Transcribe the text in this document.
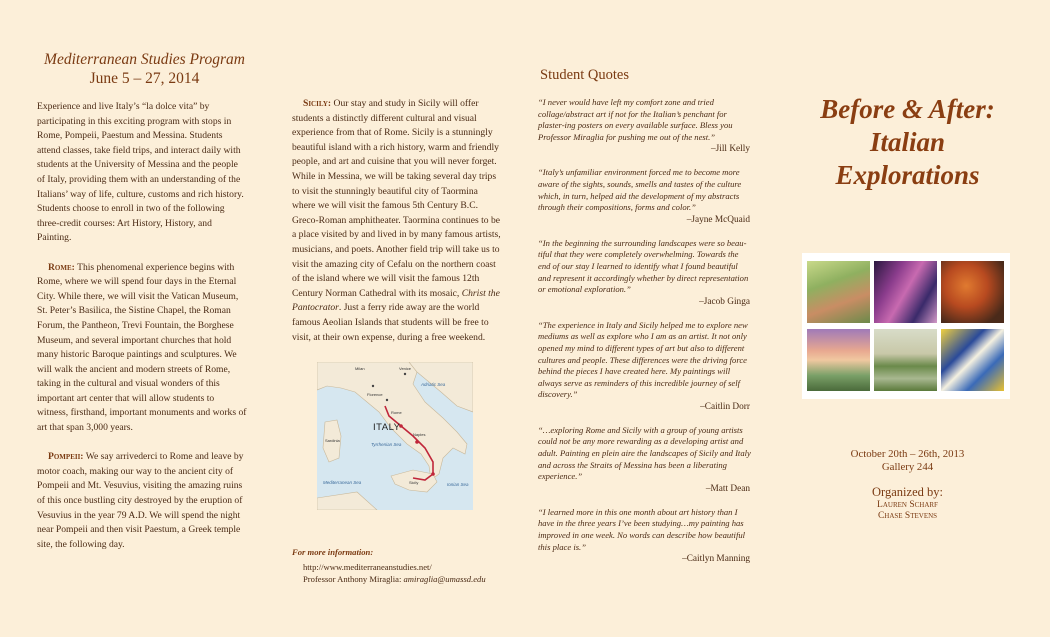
Mediterranean Studies Program
June 5 – 27, 2014

Experience and live Italy’s “la dolce vita” by participating in this exciting program with stops in Rome, Pompeii, Paestum and Messina. Students attend classes, take field trips, and interact daily with students at the University of Messina and the people of Italy, providing them with an understanding of the Italians’ way of life, culture, customs and rich history. Students choose to enroll in two of the following three-credit courses: Art History, History, and Painting.

Rome: This phenomenal experience begins with Rome, where we will spend four days in the Eternal City. While there, we will visit the Vatican Museum, St. Peter’s Basilica, the Sistine Chapel, the Roman Forum, the Pantheon, Trevi Fountain, the Borghese Museum, and several important churches that hold many historic Baroque paintings and sculptures. We will walk the ancient and modern streets of Rome, taking in the cultural and visual wonders of this important art center that will allow students to witness, firsthand, important monuments and works of art that span 3,000 years.

Pompeii: We say arrivederci to Rome and leave by motor coach, making our way to the ancient city of Pompeii and Mt. Vesuvius, visiting the amazing ruins of this once bustling city destroyed by the eruption of Vesuvius in the year 79 A.D. We will spend the night near Pompeii and then visit Paestum, a Greek temple site, the following day.

Sicily: Our stay and study in Sicily will offer students a distinctly different cultural and visual experience from that of Rome. Sicily is a stunningly beautiful island with a rich history, warm and friendly people, and art and cuisine that you will never forget. While in Messina, we will be taking several day trips to visit the stunningly beautiful city of Taormina where we will visit the famous 5th Century B.C. Greco-Roman amphitheater. Taormina continues to be a place visited by and lived in by many famous artists, musicians, and poets. Another field trip will take us to visit the amazing city of Cefalu on the northern coast of the island where we will visit the famous 12th Century Norman Cathedral with its mosaic, Christ the Pantocrator. Just a ferry ride away are the world famous Aeolian Islands that students will be free to visit, at their own expense, during a free weekend.

ITALY
Adriatic Sea
Tyrrhenian Sea
Mediterranean Sea	Ionian Sea
Sardinia
Sicily
Rome
Naples
Florence
Venice
Milan
For more information:
http://www.mediterraneanstudies.net/
Professor Anthony Miraglia: amiraglia@umassd.edu
Student Quotes
“I never would have left my comfort zone and tried collage/abstract art if not for the Italian’s penchant for plaster-ing posters on every available surface. Bless you Professor Miraglia for pushing me out of the nest.”
–Jill Kelly
“Italy’s unfamiliar environment forced me to become more aware of the sights, sounds, smells and tastes of the culture which, in turn, helped aid the development of my abstracts through their compositions, forms and color.”
–Jayne McQuaid
“In the beginning the surrounding landscapes were so beau-tiful that they were completely overwhelming. Towards the end of our stay I learned to identify what I found beautiful and represent it accordingly whether by direct representation or emotional exploration.”
–Jacob Ginga
“The experience in Italy and Sicily helped me to explore new mediums as well as explore who I am as an artist. It not only opened my mind to different types of art but also to different cultures and people. These differences were the driving force behind the pieces I have created here. My paintings will always serve as reminders of this incredible journey of self discovery.”
–Caitlin Dorr
“…exploring Rome and Sicily with a group of young artists could not be any more rewarding as a developing artist and adult. Painting en plein aire the landscapes of Sicily and Italy and across the Straits of Messina has been a liberating experience.”
–Matt Dean
“I learned more in this one month about art history than I have in the three years I’ve been studying…my painting has improved in one week. No words can describe how beautiful this place is.”
–Caitlyn Manning
Before & After:
Italian Explorations
October 20th – 26th, 2013
Gallery 244
Organized by:
Lauren Scharf
Chase Stevens
